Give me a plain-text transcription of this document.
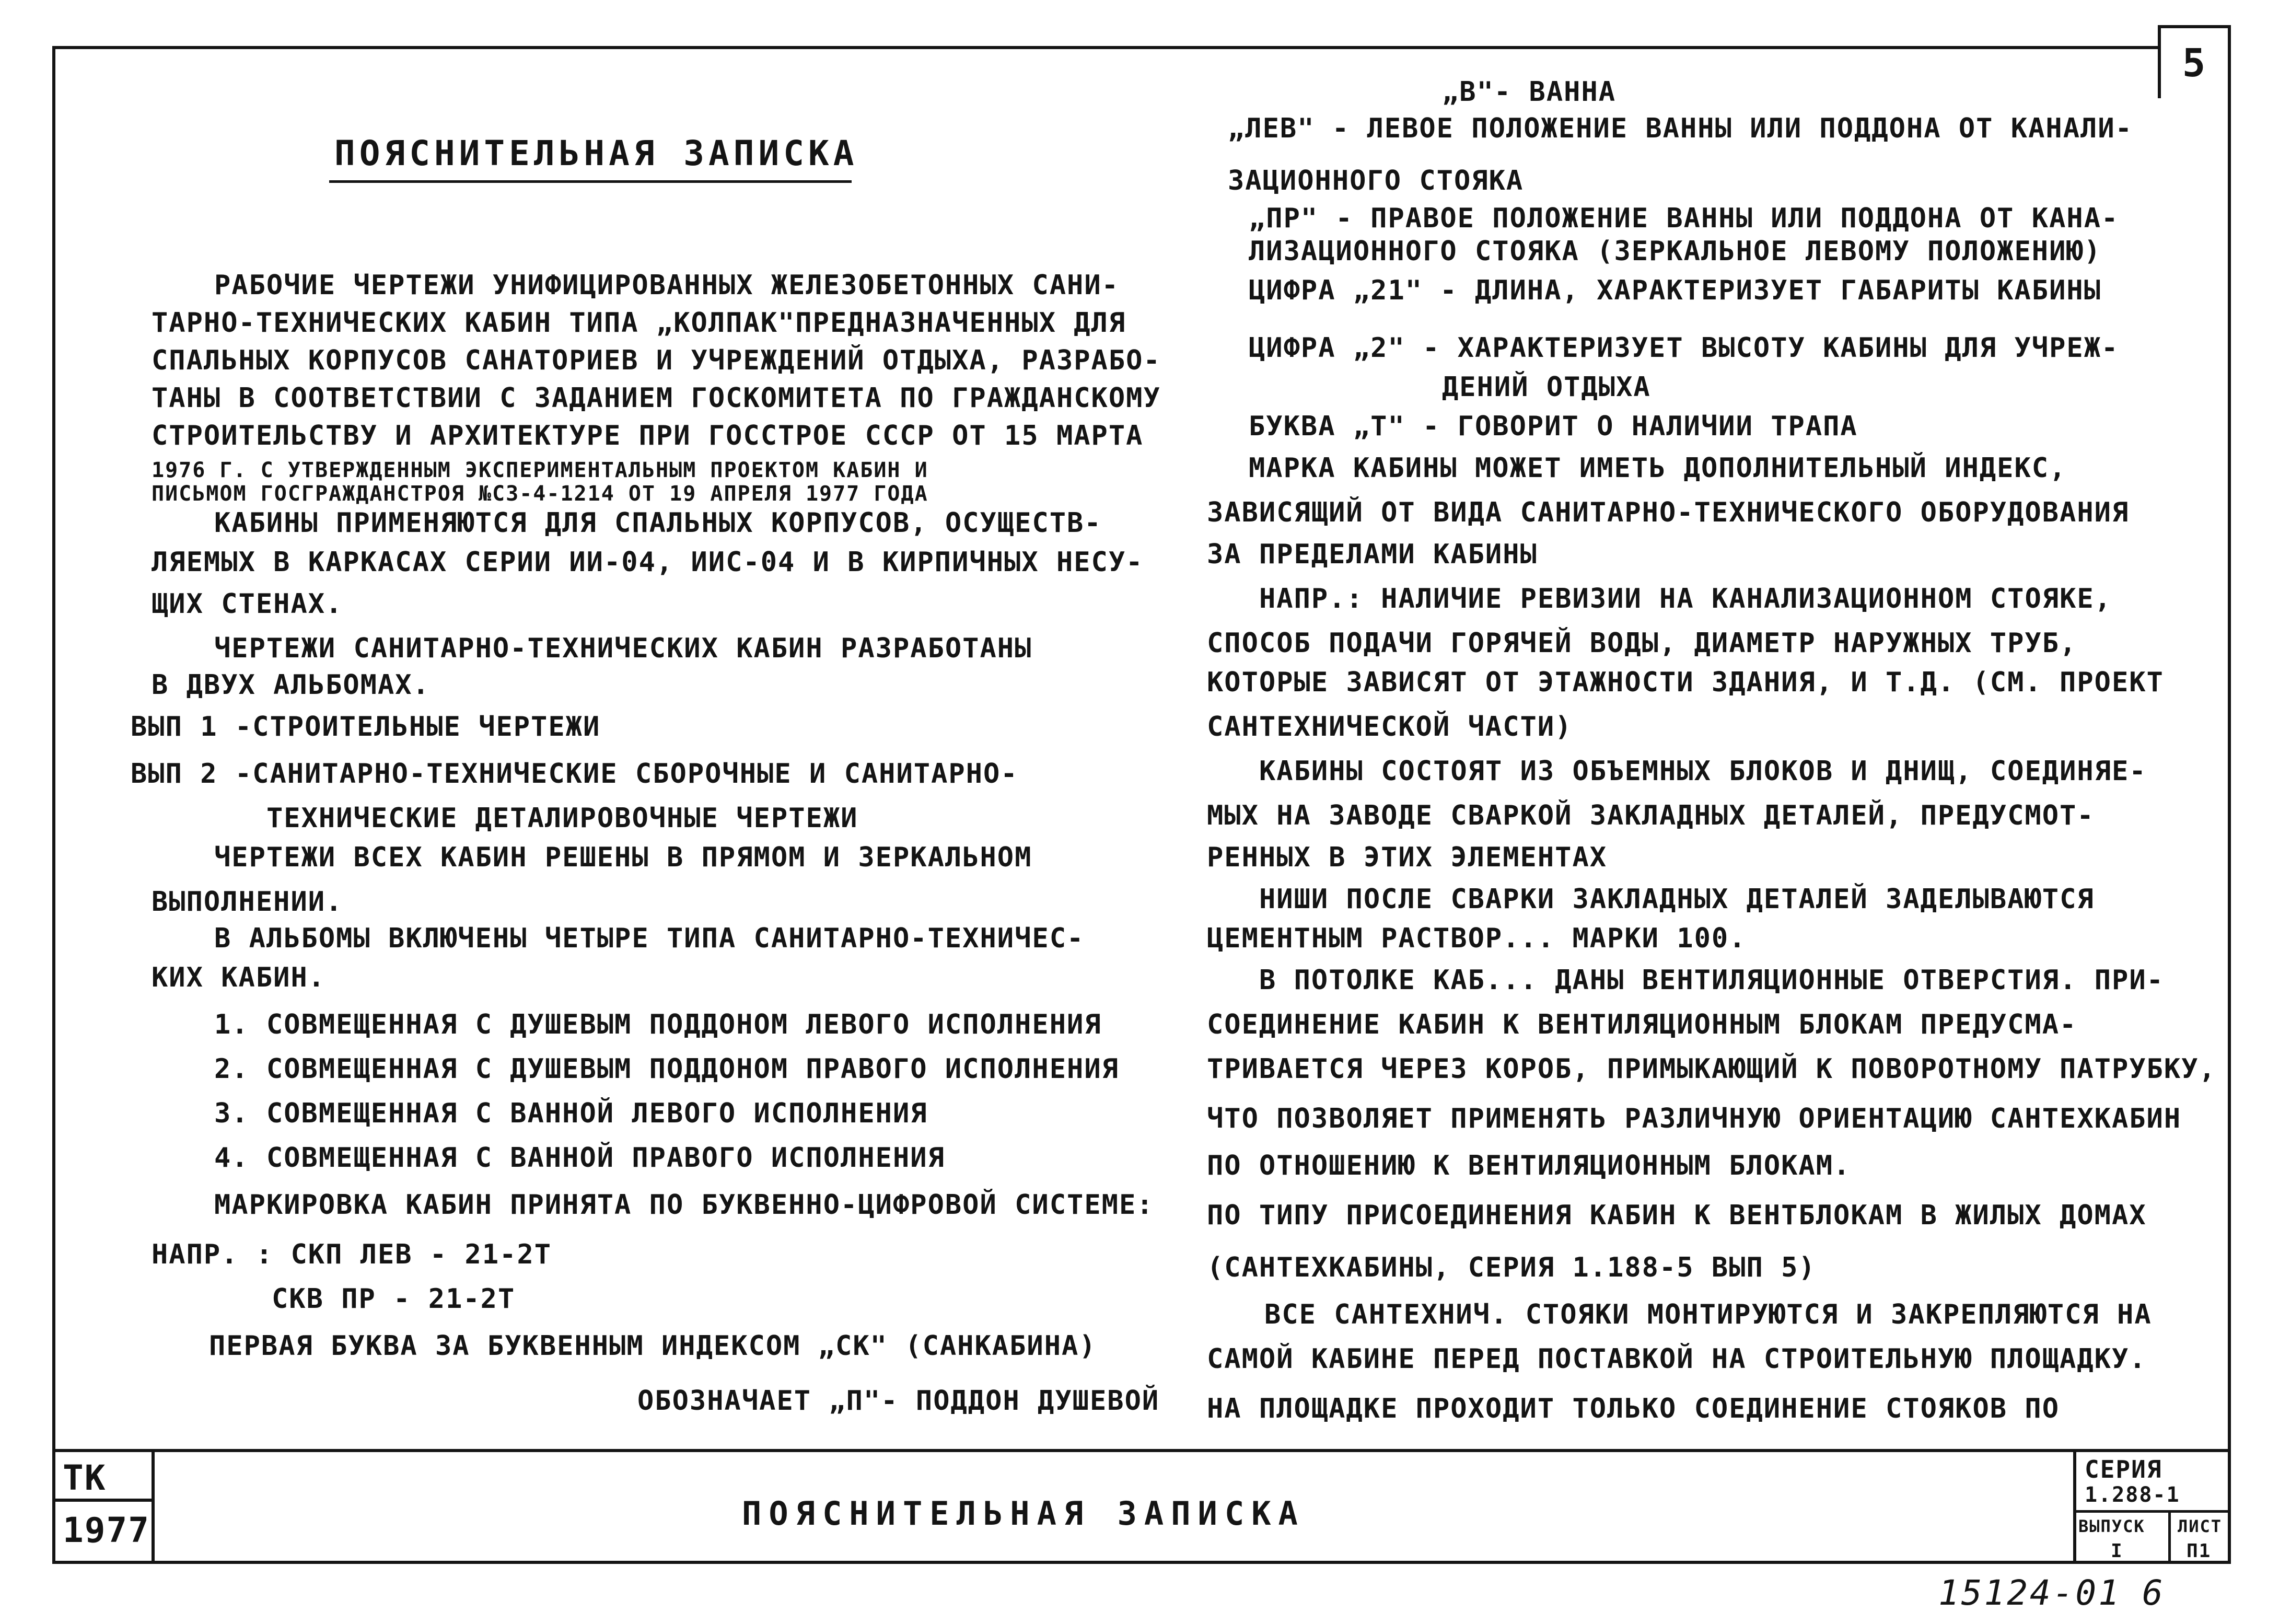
5
ПОЯСНИТЕЛЬНАЯ ЗАПИСКА
РАБОЧИЕ ЧЕРТЕЖИ УНИФИЦИРОВАННЫХ ЖЕЛЕЗОБЕТОННЫХ САНИ-
ТАРНО-ТЕХНИЧЕСКИХ КАБИН ТИПА „КОЛПАК"ПРЕДНАЗНАЧЕННЫХ ДЛЯ
СПАЛЬНЫХ КОРПУСОВ САНАТОРИЕВ И УЧРЕЖДЕНИЙ ОТДЫХА, РАЗРАБО-
ТАНЫ В СООТВЕТСТВИИ С ЗАДАНИЕМ ГОСКОМИТЕТА ПО ГРАЖДАНСКОМУ
СТРОИТЕЛЬСТВУ И АРХИТЕКТУРЕ ПРИ ГОССТРОЕ СССР ОТ 15 МАРТА
1976 Г. С УТВЕРЖДЕННЫМ ЭКСПЕРИМЕНТАЛЬНЫМ ПРОЕКТОМ КАБИН И
ПИСЬМОМ ГОСГРАЖДАНСТРОЯ №СЗ-4-1214 ОТ 19 АПРЕЛЯ 1977 ГОДА
КАБИНЫ ПРИМЕНЯЮТСЯ ДЛЯ СПАЛЬНЫХ КОРПУСОВ, ОСУЩЕСТВ-
ЛЯЕМЫХ В КАРКАСАХ СЕРИИ ИИ-04, ИИС-04 И В КИРПИЧНЫХ НЕСУ-
ЩИХ СТЕНАХ.
ЧЕРТЕЖИ САНИТАРНО-ТЕХНИЧЕСКИХ КАБИН РАЗРАБОТАНЫ
В ДВУХ АЛЬБОМАХ.
ВЫП 1 -СТРОИТЕЛЬНЫЕ ЧЕРТЕЖИ
ВЫП 2 -САНИТАРНО-ТЕХНИЧЕСКИЕ СБОРОЧНЫЕ И САНИТАРНО-
ТЕХНИЧЕСКИЕ ДЕТАЛИРОВОЧНЫЕ ЧЕРТЕЖИ
ЧЕРТЕЖИ ВСЕХ КАБИН РЕШЕНЫ В ПРЯМОМ И ЗЕРКАЛЬНОМ
ВЫПОЛНЕНИИ.
В АЛЬБОМЫ ВКЛЮЧЕНЫ ЧЕТЫРЕ ТИПА САНИТАРНО-ТЕХНИЧЕС-
КИХ КАБИН.
1. СОВМЕЩЕННАЯ С ДУШЕВЫМ ПОДДОНОМ ЛЕВОГО ИСПОЛНЕНИЯ
2. СОВМЕЩЕННАЯ С ДУШЕВЫМ ПОДДОНОМ ПРАВОГО ИСПОЛНЕНИЯ
3. СОВМЕЩЕННАЯ С ВАННОЙ ЛЕВОГО ИСПОЛНЕНИЯ
4. СОВМЕЩЕННАЯ С ВАННОЙ ПРАВОГО ИСПОЛНЕНИЯ
МАРКИРОВКА КАБИН ПРИНЯТА ПО БУКВЕННО-ЦИФРОВОЙ СИСТЕМЕ:
НАПР. : СКП ЛЕВ - 21-2Т
СКВ ПР - 21-2Т
ПЕРВАЯ БУКВА ЗА БУКВЕННЫМ ИНДЕКСОМ „СК" (САНКАБИНА)
ОБОЗНАЧАЕТ „П"- ПОДДОН ДУШЕВОЙ
„В"- ВАННА
„ЛЕВ" - ЛЕВОЕ ПОЛОЖЕНИЕ ВАННЫ ИЛИ ПОДДОНА ОТ КАНАЛИ-
ЗАЦИОННОГО СТОЯКА
„ПР" - ПРАВОЕ ПОЛОЖЕНИЕ ВАННЫ ИЛИ ПОДДОНА ОТ КАНА-
ЛИЗАЦИОННОГО СТОЯКА (ЗЕРКАЛЬНОЕ ЛЕВОМУ ПОЛОЖЕНИЮ)
ЦИФРА „21" - ДЛИНА, ХАРАКТЕРИЗУЕТ ГАБАРИТЫ КАБИНЫ
ЦИФРА „2" - ХАРАКТЕРИЗУЕТ ВЫСОТУ КАБИНЫ ДЛЯ УЧРЕЖ-
ДЕНИЙ ОТДЫХА
БУКВА „Т" - ГОВОРИТ О НАЛИЧИИ ТРАПА
МАРКА КАБИНЫ МОЖЕТ ИМЕТЬ ДОПОЛНИТЕЛЬНЫЙ ИНДЕКС,
ЗАВИСЯЩИЙ ОТ ВИДА САНИТАРНО-ТЕХНИЧЕСКОГО ОБОРУДОВАНИЯ
ЗА ПРЕДЕЛАМИ КАБИНЫ
НАПР.: НАЛИЧИЕ РЕВИЗИИ НА КАНАЛИЗАЦИОННОМ СТОЯКЕ,
СПОСОБ ПОДАЧИ ГОРЯЧЕЙ ВОДЫ, ДИАМЕТР НАРУЖНЫХ ТРУБ,
КОТОРЫЕ ЗАВИСЯТ ОТ ЭТАЖНОСТИ ЗДАНИЯ, И Т.Д. (СМ. ПРОЕКТ
САНТЕХНИЧЕСКОЙ ЧАСТИ)
КАБИНЫ СОСТОЯТ ИЗ ОБЪЕМНЫХ БЛОКОВ И ДНИЩ, СОЕДИНЯЕ-
МЫХ НА ЗАВОДЕ СВАРКОЙ ЗАКЛАДНЫХ ДЕТАЛЕЙ, ПРЕДУСМОТ-
РЕННЫХ В ЭТИХ ЭЛЕМЕНТАХ
НИШИ ПОСЛЕ СВАРКИ ЗАКЛАДНЫХ ДЕТАЛЕЙ ЗАДЕЛЫВАЮТСЯ
ЦЕМЕНТНЫМ РАСТВОР... МАРКИ 100.
В ПОТОЛКЕ КАБ... ДАНЫ ВЕНТИЛЯЦИОННЫЕ ОТВЕРСТИЯ. ПРИ-
СОЕДИНЕНИЕ КАБИН К ВЕНТИЛЯЦИОННЫМ БЛОКАМ ПРЕДУСМА-
ТРИВАЕТСЯ ЧЕРЕЗ КОРОБ, ПРИМЫКАЮЩИЙ К ПОВОРОТНОМУ ПАТРУБКУ,
ЧТО ПОЗВОЛЯЕТ ПРИМЕНЯТЬ РАЗЛИЧНУЮ ОРИЕНТАЦИЮ САНТЕХКАБИН
ПО ОТНОШЕНИЮ К ВЕНТИЛЯЦИОННЫМ БЛОКАМ.
ПО ТИПУ ПРИСОЕДИНЕНИЯ КАБИН К ВЕНТБЛОКАМ В ЖИЛЫХ ДОМАХ
(САНТЕХКАБИНЫ, СЕРИЯ 1.188-5 ВЫП 5)
ВСЕ САНТЕХНИЧ. СТОЯКИ МОНТИРУЮТСЯ И ЗАКРЕПЛЯЮТСЯ НА
САМОЙ КАБИНЕ ПЕРЕД ПОСТАВКОЙ НА СТРОИТЕЛЬНУЮ ПЛОЩАДКУ.
НА ПЛОЩАДКЕ ПРОХОДИТ ТОЛЬКО СОЕДИНЕНИЕ СТОЯКОВ ПО
ТК
1977	ПОЯСНИТЕЛЬНАЯ ЗАПИСКА
СЕРИЯ
1.288-1
ВЫПУСК
I
ЛИСТ
П1
15124-01 6
